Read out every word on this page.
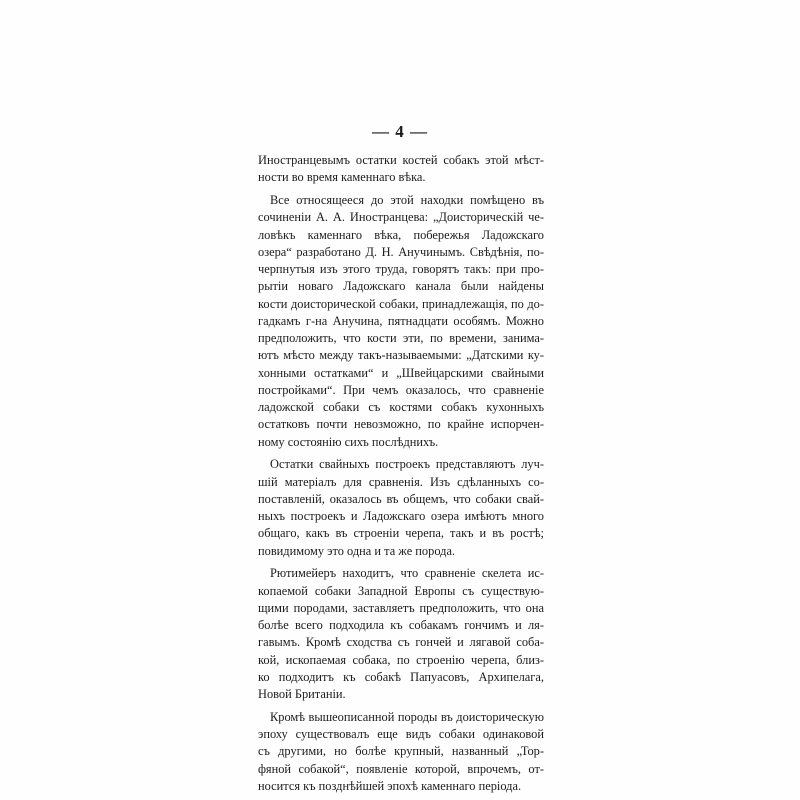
— 4 —
Иностранцевымъ остатки костей собакъ этой мѣст-
ности во время каменнаго вѣка.
Все относящееся до этой находки помѣщено въ
сочиненіи А. А. Иностранцева: „Доисторическій че-
ловѣкъ каменнаго вѣка, побережья Ладожскаго
озера“ разработано Д. Н. Анучинымъ. Свѣдѣнія, по-
черпнутыя изъ этого труда, говорятъ такъ: при про-
рытіи новаго Ладожскаго канала были найдены
кости доисторической собаки, принадлежащія, по до-
гадкамъ г-на Анучина, пятнадцати особямъ. Можно
предположить, что кости эти, по времени, занима-
ютъ мѣсто между такъ-называемыми: „Датскими ку-
хонными остатками“ и „Швейцарскими свайными
постройками“. При чемъ оказалось, что сравненіе
ладожской собаки съ костями собакъ кухонныхъ
остатковъ почти невозможно, по крайне испорчен-
ному состоянію сихъ послѣднихъ.
Остатки свайныхъ построекъ представляютъ луч-
шій матеріалъ для сравненія. Изъ сдѣланныхъ со-
поставленій, оказалось въ общемъ, что собаки свай-
ныхъ построекъ и Ладожскаго озера имѣютъ много
общаго, какъ въ строеніи черепа, такъ и въ ростѣ;
повидимому это одна и та же порода.
Рютимейеръ находитъ, что сравненіе скелета ис-
копаемой собаки Западной Европы съ существую-
щими породами, заставляетъ предположить, что она
болѣе всего подходила къ собакамъ гончимъ и ля-
гавымъ. Кромѣ сходства съ гончей и лягавой соба-
кой, ископаемая собака, по строенію черепа, близ-
ко подходитъ къ собакѣ Папуасовъ, Архипелага,
Новой Британіи.
Кромѣ вышеописанной породы въ доисторическую
эпоху существовалъ еще видъ собаки одинаковой
съ другими, но болѣе крупный, названный „Тор-
фяной собакой“, появленіе которой, впрочемъ, от-
носится къ позднѣйшей эпохѣ каменнаго періода.
